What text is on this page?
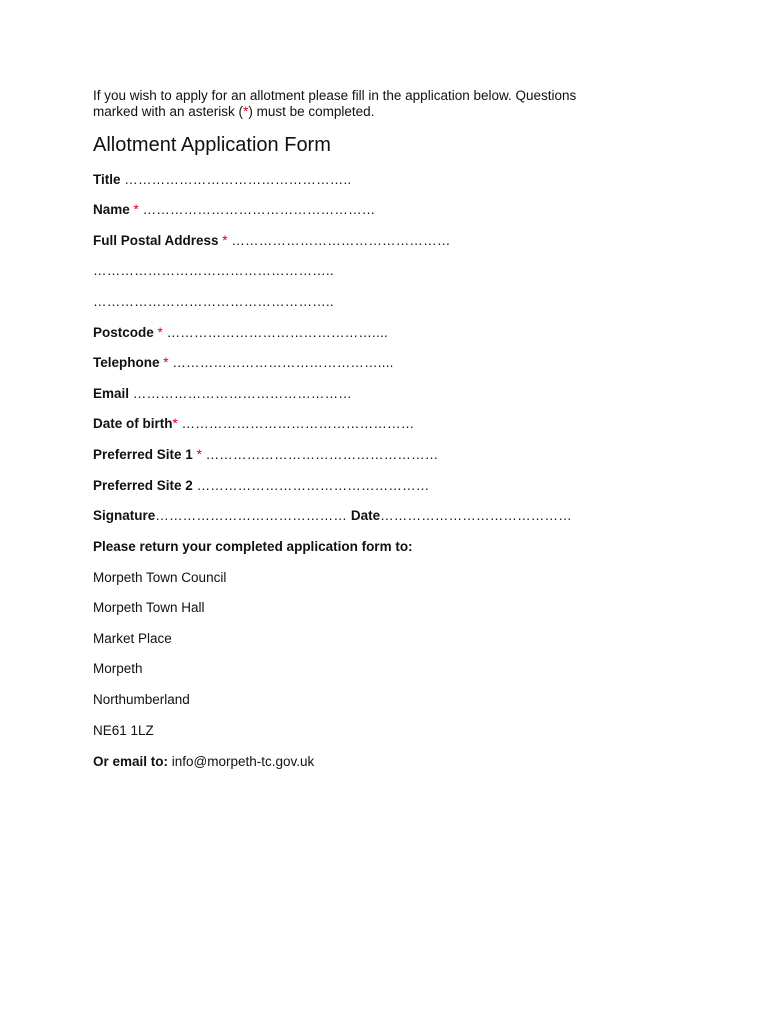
If you wish to apply for an allotment please fill in the application below. Questions
marked with an asterisk (*) must be completed.

Allotment Application Form
Title …………………………………………..
Name * ……………………………………………
Full Postal Address * …………………………………………
……………………………………………..
……………………………………………..
Postcode * ………………………………………....
Telephone * ………………………………………....
Email …………………………………………
Date of birth* ……………………………………………
Preferred Site 1 * ……………………………………………
Preferred Site 2 ……………………………………………
Signature…………………………………… Date……………………………………
Please return your completed application form to:
Morpeth Town Council
Morpeth Town Hall
Market Place
Morpeth
Northumberland
NE61 1LZ
Or email to: info@morpeth-tc.gov.uk
